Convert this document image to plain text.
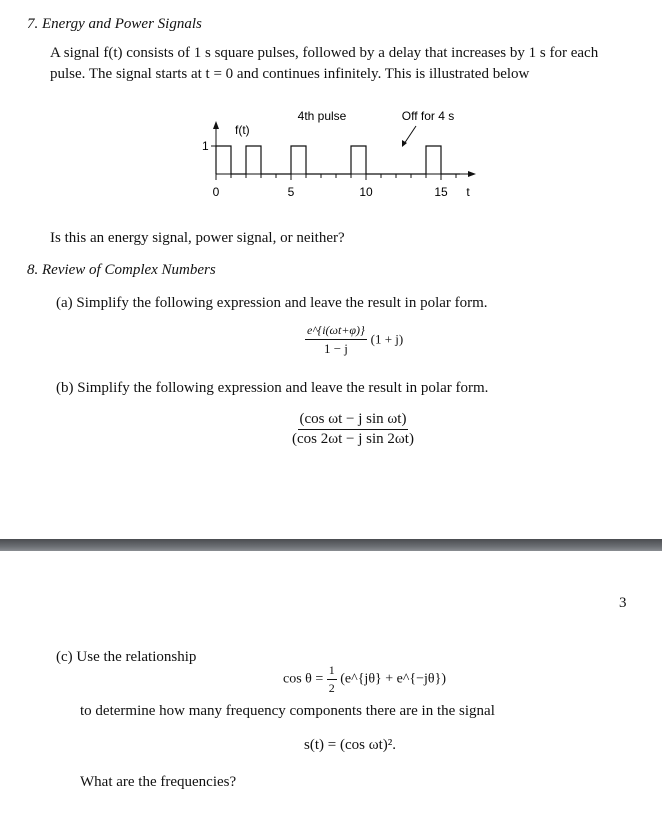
7. Energy and Power Signals
A signal f(t) consists of 1 s square pulses, followed by a delay that increases by 1 s for each
pulse. The signal starts at t = 0 and continues infinitely. This is illustrated below
4th pulse	Off for 4 s
1
f(t)
0	5	10	15 t
Is this an energy signal, power signal, or neither?
8. Review of Complex Numbers
(a) Simplify the following expression and leave the result in polar form.
$\frac{e\^{}\{i(\omega t+\varphi)\}}{1 - j} (1 + j)$
(b) Simplify the following expression and leave the result in polar form.
$\frac{\text{(cos ωt − j sin ωt)}}{\text{(cos 2ωt − j sin 2ωt)}}$
3
(c) Use the relationship
$\cos \theta = \frac{1}{2}$ (e^{jθ} + e^{−jθ})
to determine how many frequency components there are in the signal
s(t) = (cos ωt)².
What are the frequencies?
